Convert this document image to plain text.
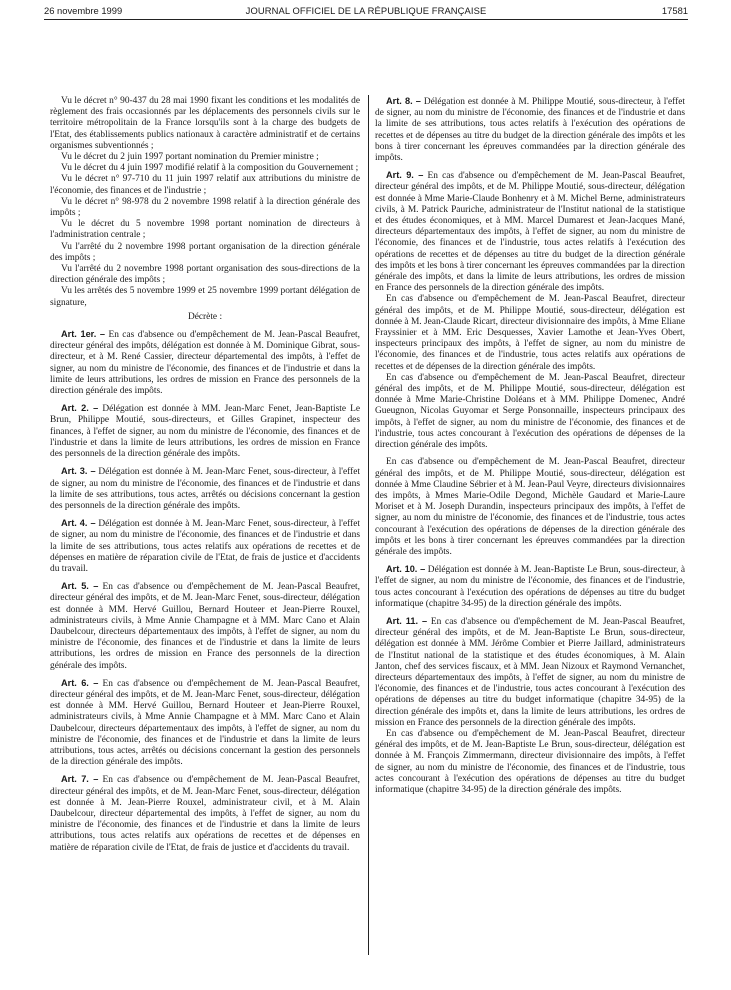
26 novembre 1999	JOURNAL OFFICIEL DE LA RÉPUBLIQUE FRANÇAISE	17581

Vu le décret n° 90-437 du 28 mai 1990 fixant les conditions et les modalités de règlement des frais occasionnés par les déplacements des personnels civils sur le territoire métropolitain de la France lorsqu'ils sont à la charge des budgets de l'Etat, des établissements publics nationaux à caractère administratif et de certains organismes subventionnés ;

Vu le décret du 2 juin 1997 portant nomination du Premier ministre ;

Vu le décret du 4 juin 1997 modifié relatif à la composition du Gouvernement ;

Vu le décret n° 97-710 du 11 juin 1997 relatif aux attributions du ministre de l'économie, des finances et de l'industrie ;

Vu le décret n° 98-978 du 2 novembre 1998 relatif à la direction générale des impôts ;

Vu le décret du 5 novembre 1998 portant nomination de directeurs à l'administration centrale ;

Vu l'arrêté du 2 novembre 1998 portant organisation de la direction générale des impôts ;

Vu l'arrêté du 2 novembre 1998 portant organisation des sous-directions de la direction générale des impôts ;

Vu les arrêtés des 5 novembre 1999 et 25 novembre 1999 portant délégation de signature,

Décrète :

Art. 1er. – En cas d'absence ou d'empêchement de M. Jean-Pascal Beaufret, directeur général des impôts, délégation est donnée à M. Dominique Gibrat, sous-directeur, et à M. René Cassier, directeur départemental des impôts, à l'effet de signer, au nom du ministre de l'économie, des finances et de l'industrie et dans la limite de leurs attributions, les ordres de mission en France des personnels de la direction générale des impôts.

Art. 2. – Délégation est donnée à MM. Jean-Marc Fenet, Jean-Baptiste Le Brun, Philippe Moutié, sous-directeurs, et Gilles Grapinet, inspecteur des finances, à l'effet de signer, au nom du ministre de l'économie, des finances et de l'industrie et dans la limite de leurs attributions, les ordres de mission en France des personnels de la direction générale des impôts.

Art. 3. – Délégation est donnée à M. Jean-Marc Fenet, sous-directeur, à l'effet de signer, au nom du ministre de l'économie, des finances et de l'industrie et dans la limite de ses attributions, tous actes, arrêtés ou décisions concernant la gestion des personnels de la direction générale des impôts.

Art. 4. – Délégation est donnée à M. Jean-Marc Fenet, sous-directeur, à l'effet de signer, au nom du ministre de l'économie, des finances et de l'industrie et dans la limite de ses attributions, tous actes relatifs aux opérations de recettes et de dépenses en matière de réparation civile de l'Etat, de frais de justice et d'accidents du travail.

Art. 5. – En cas d'absence ou d'empêchement de M. Jean-Pascal Beaufret, directeur général des impôts, et de M. Jean-Marc Fenet, sous-directeur, délégation est donnée à MM. Hervé Guillou, Bernard Houteer et Jean-Pierre Rouxel, administrateurs civils, à Mme Annie Champagne et à MM. Marc Cano et Alain Daubelcour, directeurs départementaux des impôts, à l'effet de signer, au nom du ministre de l'économie, des finances et de l'industrie et dans la limite de leurs attributions, les ordres de mission en France des personnels de la direction générale des impôts.

Art. 6. – En cas d'absence ou d'empêchement de M. Jean-Pascal Beaufret, directeur général des impôts, et de M. Jean-Marc Fenet, sous-directeur, délégation est donnée à MM. Hervé Guillou, Bernard Houteer et Jean-Pierre Rouxel, administrateurs civils, à Mme Annie Champagne et à MM. Marc Cano et Alain Daubelcour, directeurs départementaux des impôts, à l'effet de signer, au nom du ministre de l'économie, des finances et de l'industrie et dans la limite de leurs attributions, tous actes, arrêtés ou décisions concernant la gestion des personnels de la direction générale des impôts.

Art. 7. – En cas d'absence ou d'empêchement de M. Jean-Pascal Beaufret, directeur général des impôts, et de M. Jean-Marc Fenet, sous-directeur, délégation est donnée à M. Jean-Pierre Rouxel, administrateur civil, et à M. Alain Daubelcour, directeur départemental des impôts, à l'effet de signer, au nom du ministre de l'économie, des finances et de l'industrie et dans la limite de leurs attributions, tous actes relatifs aux opérations de recettes et de dépenses en matière de réparation civile de l'Etat, de frais de justice et d'accidents du travail.

Art. 8. – Délégation est donnée à M. Philippe Moutié, sous-directeur, à l'effet de signer, au nom du ministre de l'économie, des finances et de l'industrie et dans la limite de ses attributions, tous actes relatifs à l'exécution des opérations de recettes et de dépenses au titre du budget de la direction générale des impôts et les bons à tirer concernant les épreuves commandées par la direction générale des impôts.

Art. 9. – En cas d'absence ou d'empêchement de M. Jean-Pascal Beaufret, directeur général des impôts, et de M. Philippe Moutié, sous-directeur, délégation est donnée à Mme Marie-Claude Bonhenry et à M. Michel Berne, administrateurs civils, à M. Patrick Pauriche, administrateur de l'Institut national de la statistique et des études économiques, et à MM. Marcel Dumarest et Jean-Jacques Mané, directeurs départementaux des impôts, à l'effet de signer, au nom du ministre de l'économie, des finances et de l'industrie, tous actes relatifs à l'exécution des opérations de recettes et de dépenses au titre du budget de la direction générale des impôts et les bons à tirer concernant les épreuves commandées par la direction générale des impôts, et dans la limite de leurs attributions, les ordres de mission en France des personnels de la direction générale des impôts.

En cas d'absence ou d'empêchement de M. Jean-Pascal Beaufret, directeur général des impôts, et de M. Philippe Moutié, sous-directeur, délégation est donnée à M. Jean-Claude Ricart, directeur divisionnaire des impôts, à Mme Eliane Frayssinier et à MM. Eric Desquesses, Xavier Lamothe et Jean-Yves Obert, inspecteurs principaux des impôts, à l'effet de signer, au nom du ministre de l'économie, des finances et de l'industrie, tous actes relatifs aux opérations de recettes et de dépenses de la direction générale des impôts.

En cas d'absence ou d'empêchement de M. Jean-Pascal Beaufret, directeur général des impôts, et de M. Philippe Moutié, sous-directeur, délégation est donnée à Mme Marie-Christine Doléans et à MM. Philippe Domenec, André Gueugnon, Nicolas Guyomar et Serge Ponsonnaille, inspecteurs principaux des impôts, à l'effet de signer, au nom du ministre de l'économie, des finances et de l'industrie, tous actes concourant à l'exécution des opérations de dépenses de la direction générale des impôts.

En cas d'absence ou d'empêchement de M. Jean-Pascal Beaufret, directeur général des impôts, et de M. Philippe Moutié, sous-directeur, délégation est donnée à Mme Claudine Sébrier et à M. Jean-Paul Veyre, directeurs divisionnaires des impôts, à Mmes Marie-Odile Degond, Michèle Gaudard et Marie-Laure Moriset et à M. Joseph Durandin, inspecteurs principaux des impôts, à l'effet de signer, au nom du ministre de l'économie, des finances et de l'industrie, tous actes concourant à l'exécution des opérations de dépenses de la direction générale des impôts et les bons à tirer concernant les épreuves commandées par la direction générale des impôts.

Art. 10. – Délégation est donnée à M. Jean-Baptiste Le Brun, sous-directeur, à l'effet de signer, au nom du ministre de l'économie, des finances et de l'industrie, tous actes concourant à l'exécution des opérations de dépenses au titre du budget informatique (chapitre 34-95) de la direction générale des impôts.

Art. 11. – En cas d'absence ou d'empêchement de M. Jean-Pascal Beaufret, directeur général des impôts, et de M. Jean-Baptiste Le Brun, sous-directeur, délégation est donnée à MM. Jérôme Combier et Pierre Jaillard, administrateurs de l'Institut national de la statistique et des études économiques, à M. Alain Janton, chef des services fiscaux, et à MM. Jean Nizoux et Raymond Vernanchet, directeurs départementaux des impôts, à l'effet de signer, au nom du ministre de l'économie, des finances et de l'industrie, tous actes concourant à l'exécution des opérations de dépenses au titre du budget informatique (chapitre 34-95) de la direction générale des impôts et, dans la limite de leurs attributions, les ordres de mission en France des personnels de la direction générale des impôts.

En cas d'absence ou d'empêchement de M. Jean-Pascal Beaufret, directeur général des impôts, et de M. Jean-Baptiste Le Brun, sous-directeur, délégation est donnée à M. François Zimmermann, directeur divisionnaire des impôts, à l'effet de signer, au nom du ministre de l'économie, des finances et de l'industrie, tous actes concourant à l'exécution des opérations de dépenses au titre du budget informatique (chapitre 34-95) de la direction générale des impôts.
